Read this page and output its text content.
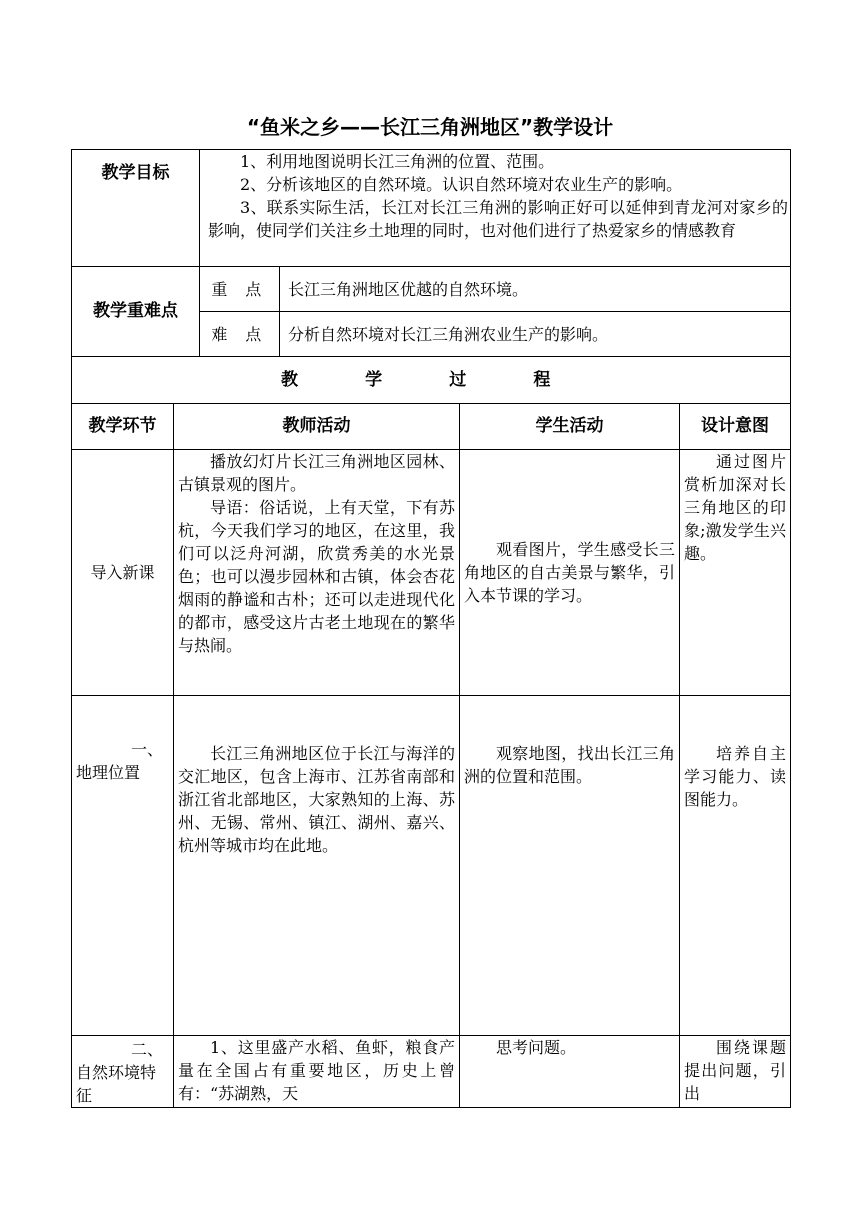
“鱼米之乡——长江三角洲地区”教学设计
教学目标		1、利用地图说明长江三角洲的位置、范围。
2、分析该地区的自然环境。认识自然环境对农业生产的影响。
3、联系实际生活，长江对长江三角洲的影响正好可以延伸到青龙河对家乡的影响，使同学们关注乡土地理的同时，也对他们进行了热爱家乡的情感教育			

教学重难点		重 点	长江三角洲地区优越的自然环境。		
		难 点	分析自然环境对长江三角洲农业生产的影响。		
教 学 过 程					
教学环节	教师活动			学生活动	设计意图
导入新课	播放幻灯片长江三角洲地区园林、古镇景观的图片。
导语：俗话说，上有天堂，下有苏杭，今天我们学习的地区，在这里，我们可以泛舟河湖，欣赏秀美的水光景色；也可以漫步园林和古镇，体会杏花烟雨的静谧和古朴；还可以走进现代化的都市，感受这片古老土地现在的繁华与热闹。			观看图片，学生感受长三角地区的自古美景与繁华，引入本节课的学习。	通过图片赏析加深对长三角地区的印象;激发学生兴趣。

一、
地理位置	长江三角洲地区位于长江与海洋的交汇地区，包含上海市、江苏省南部和浙江省北部地区，大家熟知的上海、苏州、无锡、常州、镇江、湖州、嘉兴、杭州等城市均在此地。			观察地图，找出长江三角洲的位置和范围。	培养自主学习能力、读图能力。

二、
自然环境特征	1、这里盛产水稻、鱼虾，粮食产量在全国占有重要地区，历史上曾有：“苏湖熟，天			思考问题。	围绕课题提出问题，引出
